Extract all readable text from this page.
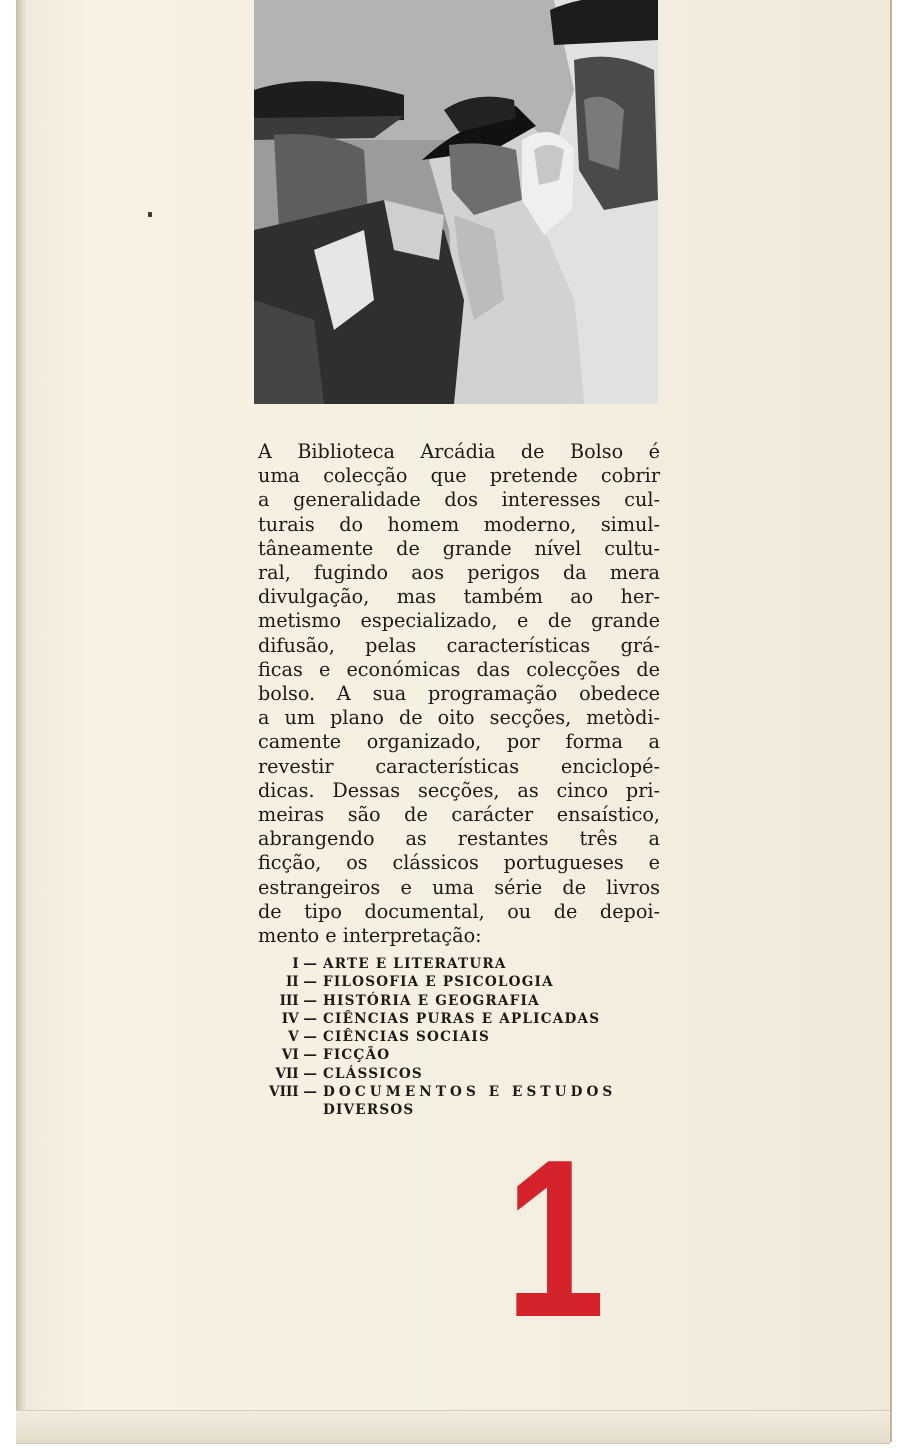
A Biblioteca Arcádia de Bolso é
uma colecção que pretende cobrir
a generalidade dos interesses cul-
turais do homem moderno, simul-
tâneamente de grande nível cultu-
ral, fugindo aos perigos da mera
divulgação, mas também ao her-
metismo especializado, e de grande
difusão, pelas características grá-
ficas e económicas das colecções de
bolso. A sua programação obedece
a um plano de oito secções, metòdi-
camente organizado, por forma a
revestir características enciclopé-
dicas. Dessas secções, as cinco pri-
meiras são de carácter ensaístico,
abrangendo as restantes três a
ficção, os clássicos portugueses e
estrangeiros e uma série de livros
de tipo documental, ou de depoi-
mento e interpretação:
I — ARTE E LITERATURA
II — FILOSOFIA E PSICOLOGIA
III — HISTÓRIA E GEOGRAFIA
IV — CIÊNCIAS PURAS E APLICADAS
V — CIÊNCIAS SOCIAIS
VI — FICÇÃO
VII — CLÁSSICOS
VIII — DOCUMENTOS E ESTUDOS
DIVERSOS
1
